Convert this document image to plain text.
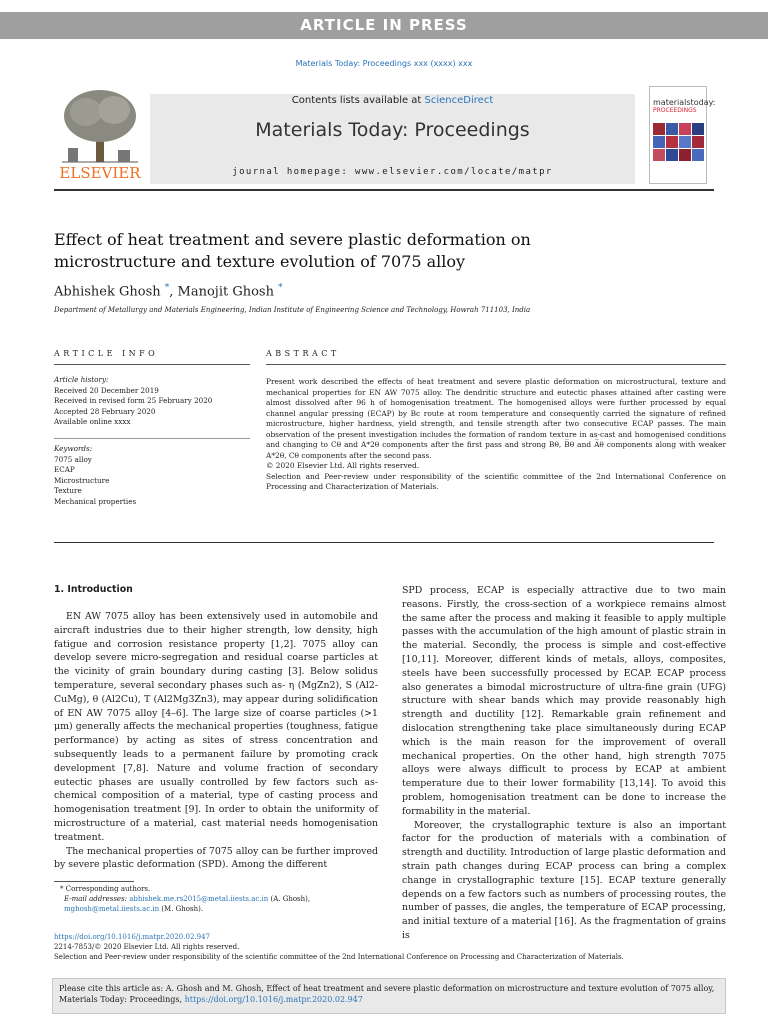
ARTICLE IN PRESS
Materials Today: Proceedings xxx (xxxx) xxx
ELSEVIER
Contents lists available at ScienceDirect
Materials Today: Proceedings
journal homepage: www.elsevier.com/locate/matpr
materialstoday:
PROCEEDINGS
Effect of heat treatment and severe plastic deformation on
microstructure and texture evolution of 7075 alloy
Abhishek Ghosh *, Manojit Ghosh *
Department of Metallurgy and Materials Engineering, Indian Institute of Engineering Science and Technology, Howrah 711103, India
ARTICLE INFO
Article history:
Received 20 December 2019
Received in revised form 25 February 2020
Accepted 28 February 2020
Available online xxxx
Keywords:
7075 alloy
ECAP
Microstructure
Texture
Mechanical properties
ABSTRACT

Present work described the effects of heat treatment and severe plastic deformation on microstructural, texture and mechanical properties for EN AW 7075 alloy. The dendritic structure and eutectic phases attained after casting were almost dissolved after 96 h of homogenisation treatment. The homogenised alloys were further processed by equal channel angular pressing (ECAP) by Bc route at room temperature and consequently carried the signature of refined microstructure, higher hardness, yield strength, and tensile strength after two consecutive ECAP passes. The main observation of the present investigation includes the formation of random texture in as-cast and homogenised conditions and changing to Cθ and A*2θ components after the first pass and strong Bθ, B̅θ and A̅θ components along with weaker A*2θ, Cθ components after the second pass.

© 2020 Elsevier Ltd. All rights reserved.

Selection and Peer-review under responsibility of the scientific committee of the 2nd International Conference on Processing and Characterization of Materials.

1. Introduction

EN AW 7075 alloy has been extensively used in automobile and aircraft industries due to their higher strength, low density, high fatigue and corrosion resistance property [1,2]. 7075 alloy can develop severe micro-segregation and residual coarse particles at the vicinity of grain boundary during casting [3]. Below solidus temperature, several secondary phases such as- η (MgZn2), S (Al2-CuMg), θ (Al2Cu), T (Al2Mg3Zn3), may appear during solidification of EN AW 7075 alloy [4–6]. The large size of coarse particles (>1 μm) generally affects the mechanical properties (toughness, fatigue performance) by acting as sites of stress concentration and subsequently leads to a permanent failure by promoting crack development [7,8]. Nature and volume fraction of secondary eutectic phases are usually controlled by few factors such as- chemical composition of a material, type of casting process and homogenisation treatment [9]. In order to obtain the uniformity of microstructure of a material, cast material needs homogenisation treatment.

The mechanical properties of 7075 alloy can be further improved by severe plastic deformation (SPD). Among the different

SPD process, ECAP is especially attractive due to two main reasons. Firstly, the cross-section of a workpiece remains almost the same after the process and making it feasible to apply multiple passes with the accumulation of the high amount of plastic strain in the material. Secondly, the process is simple and cost-effective [10,11]. Moreover, different kinds of metals, alloys, composites, steels have been successfully processed by ECAP. ECAP process also generates a bimodal microstructure of ultra-fine grain (UFG) structure with shear bands which may provide reasonably high strength and ductility [12]. Remarkable grain refinement and dislocation strengthening take place simultaneously during ECAP which is the main reason for the improvement of overall mechanical properties. On the other hand, high strength 7075 alloys were always difficult to process by ECAP at ambient temperature due to their lower formability [13,14]. To avoid this problem, homogenisation treatment can be done to increase the formability in the material.

Moreover, the crystallographic texture is also an important factor for the production of materials with a combination of strength and ductility. Introduction of large plastic deformation and strain path changes during ECAP process can bring a complex change in crystallographic texture [15]. ECAP texture generally depends on a few factors such as numbers of processing routes, the number of passes, die angles, the temperature of ECAP processing, and initial texture of a material [16]. As the fragmentation of grains is

* Corresponding authors.
E-mail addresses: abhishek.me.rs2015@metal.iiests.ac.in (A. Ghosh), mghosh@metal.iiests.ac.in (M. Ghosh).
https://doi.org/10.1016/j.matpr.2020.02.947
2214-7853/© 2020 Elsevier Ltd. All rights reserved.
Selection and Peer-review under responsibility of the scientific committee of the 2nd International Conference on Processing and Characterization of Materials.
Please cite this article as: A. Ghosh and M. Ghosh, Effect of heat treatment and severe plastic deformation on microstructure and texture evolution of 7075 alloy, Materials Today: Proceedings, https://doi.org/10.1016/j.matpr.2020.02.947
